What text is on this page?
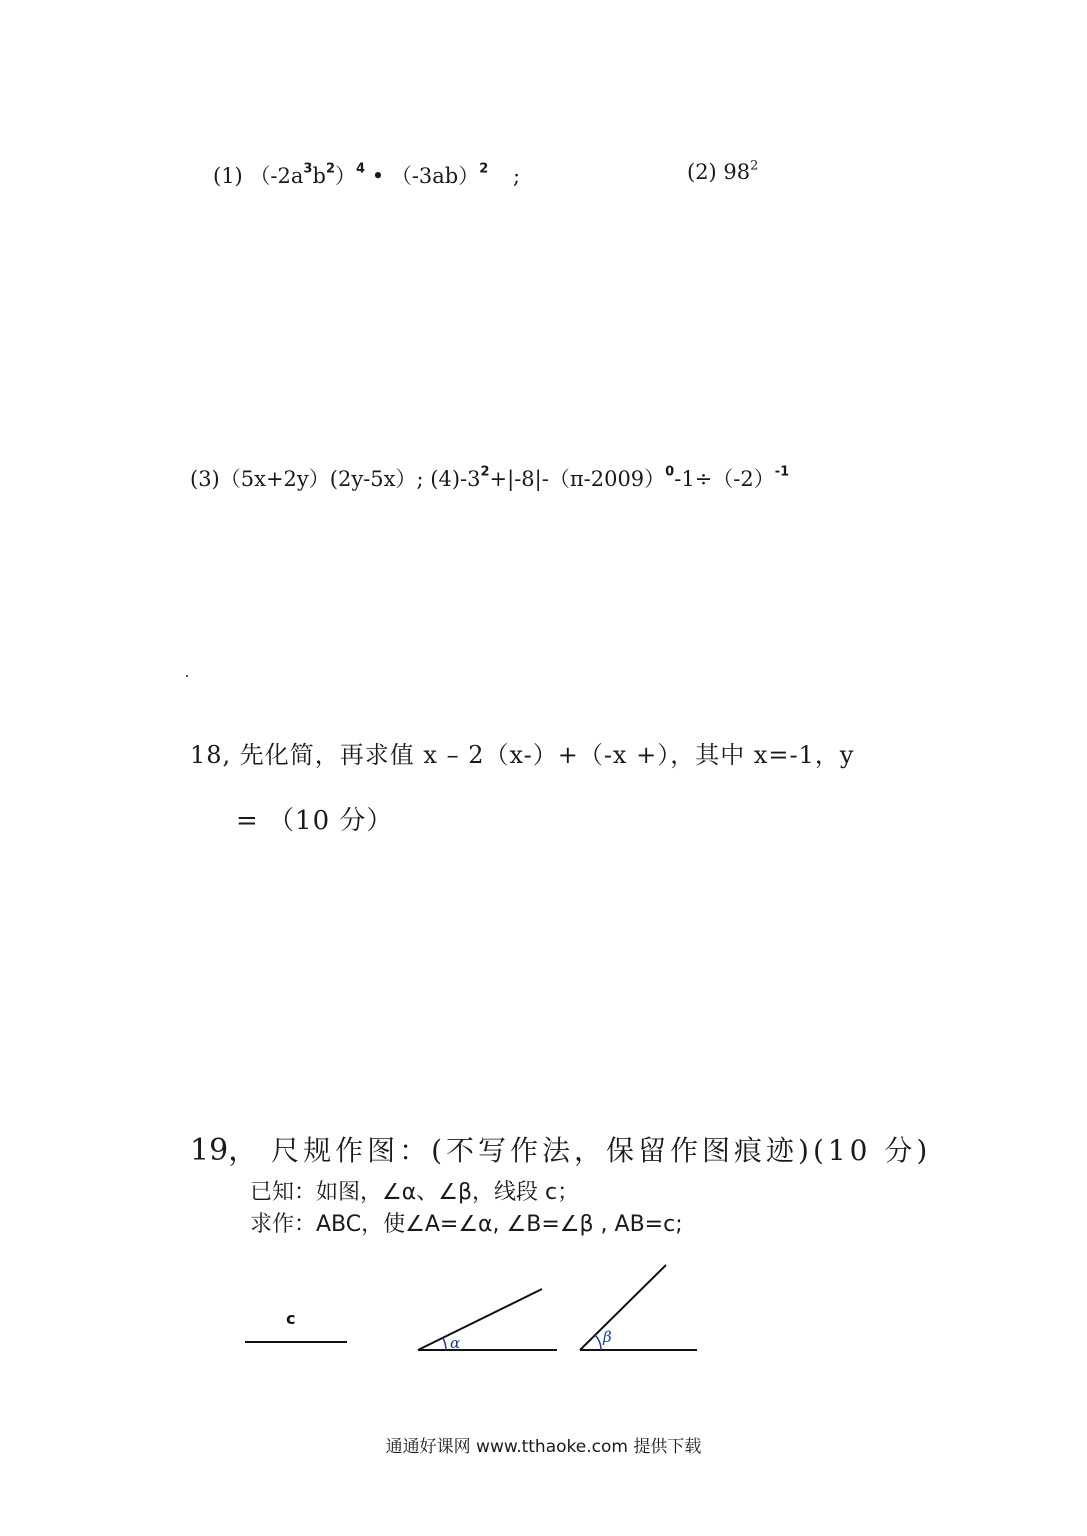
(1) $(-2a^3b^2)^4$ • $(-3ab)^2$ ;	(2) $98^2$
(3)（5x+2y）(2y-5x）; $(4)-3^2+|-8|-(\pi-2009)^0-1\div(-2)^{-1}$
18, 先化简，再求值 x – 2（x-）+（-x +），其中 x=-1，y
= （10 分）
19， 尺规作图：(不写作法，保留作图痕迹)(10 分)
已知：如图，∠α、∠β，线段 c；
求作：ABC，使∠A=∠α, ∠B=∠β , AB=c;
c
α	β
通通好课网 www.tthaoke.com 提供下载
